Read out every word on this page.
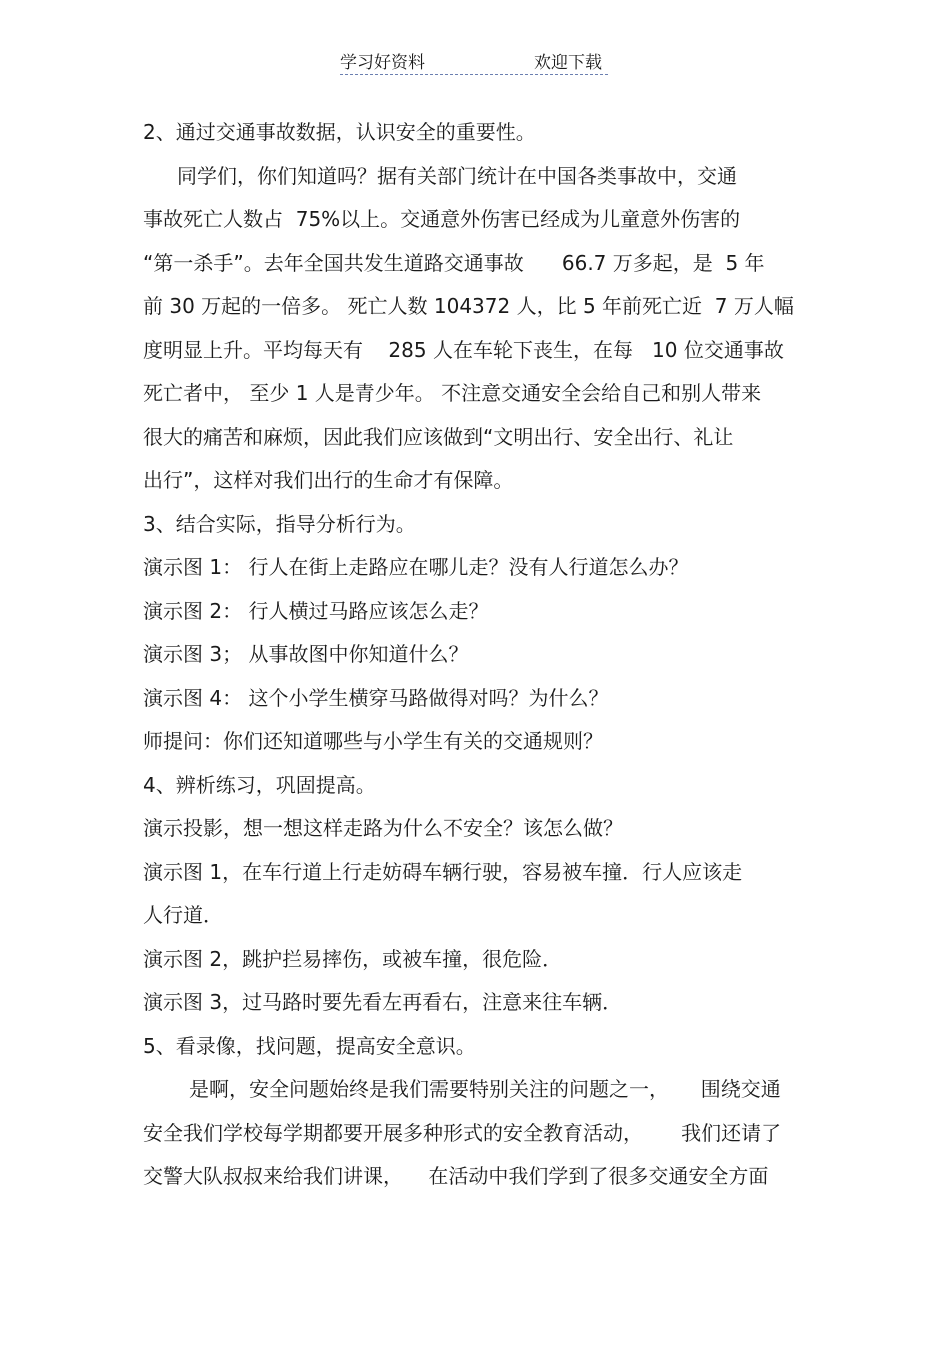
学习好资料	欢迎下载
2、通过交通事故数据，认识安全的重要性。
同学们，你们知道吗？据有关部门统计在中国各类事故中，交通
事故死亡人数占  75%以上。交通意外伤害已经成为儿童意外伤害的
“第一杀手”。去年全国共发生道路交通事故      66.7 万多起，是  5 年
前 30 万起的一倍多。 死亡人数 104372 人，比 5 年前死亡近  7 万人幅
度明显上升。平均每天有    285 人在车轮下丧生，在每   10 位交通事故
死亡者中， 至少 1 人是青少年。 不注意交通安全会给自己和别人带来
很大的痛苦和麻烦，因此我们应该做到“文明出行、安全出行、礼让
出行”，这样对我们出行的生命才有保障。
3、结合实际，指导分析行为。
演示图 1： 行人在街上走路应在哪儿走？没有人行道怎么办？
演示图 2： 行人横过马路应该怎么走？
演示图 3； 从事故图中你知道什么？
演示图 4： 这个小学生横穿马路做得对吗？为什么？
师提问：你们还知道哪些与小学生有关的交通规则？
4、辨析练习，巩固提高。
演示投影，想一想这样走路为什么不安全？该怎么做？
演示图 1，在车行道上行走妨碍车辆行驶，容易被车撞．行人应该走
人行道．
演示图 2，跳护拦易摔伤，或被车撞，很危险．
演示图 3，过马路时要先看左再看右，注意来往车辆．
5、看录像，找问题，提高安全意识。
是啊，安全问题始终是我们需要特别关注的问题之一，     围绕交通
安全我们学校每学期都要开展多种形式的安全教育活动，      我们还请了
交警大队叔叔来给我们讲课，    在活动中我们学到了很多交通安全方面
